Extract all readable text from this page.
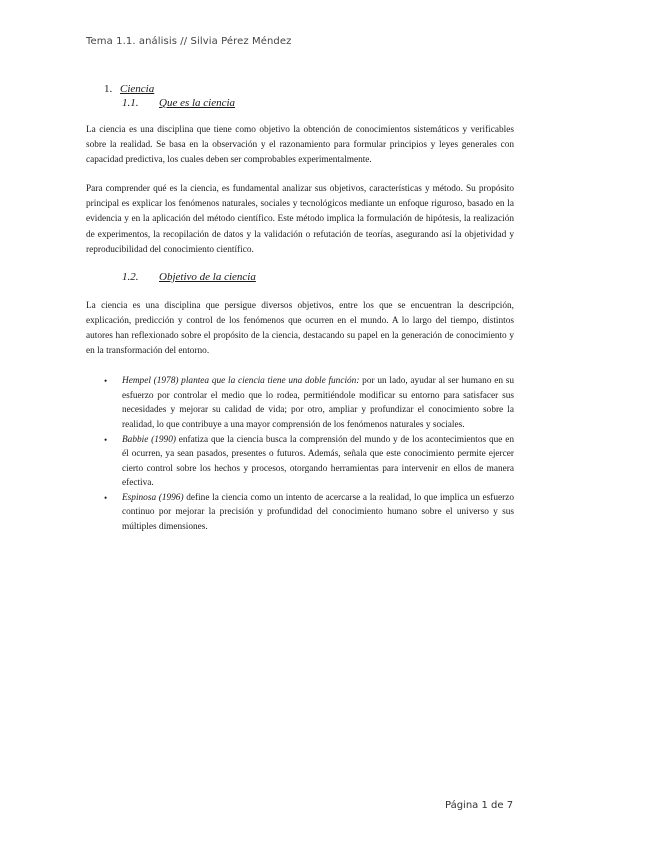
Tema 1.1. análisis // Silvia Pérez Méndez
1. Ciencia
1.1.	Que es la ciencia

La ciencia es una disciplina que tiene como objetivo la obtención de conocimientos sistemáticos y verificables sobre la realidad. Se basa en la observación y el razonamiento para formular principios y leyes generales con capacidad predictiva, los cuales deben ser comprobables experimentalmente.

Para comprender qué es la ciencia, es fundamental analizar sus objetivos, características y método. Su propósito principal es explicar los fenómenos naturales, sociales y tecnológicos mediante un enfoque riguroso, basado en la evidencia y en la aplicación del método científico. Este método implica la formulación de hipótesis, la realización de experimentos, la recopilación de datos y la validación o refutación de teorías, asegurando así la objetividad y reproducibilidad del conocimiento científico.

1.2.	Objetivo de la ciencia

La ciencia es una disciplina que persigue diversos objetivos, entre los que se encuentran la descripción, explicación, predicción y control de los fenómenos que ocurren en el mundo. A lo largo del tiempo, distintos autores han reflexionado sobre el propósito de la ciencia, destacando su papel en la generación de conocimiento y en la transformación del entorno.

• Hempel (1978) plantea que la ciencia tiene una doble función: por un lado, ayudar al ser humano en su esfuerzo por controlar el medio que lo rodea, permitiéndole modificar su entorno para satisfacer sus necesidades y mejorar su calidad de vida; por otro, ampliar y profundizar el conocimiento sobre la realidad, lo que contribuye a una mayor comprensión de los fenómenos naturales y sociales.
• Babbie (1990) enfatiza que la ciencia busca la comprensión del mundo y de los acontecimientos que en él ocurren, ya sean pasados, presentes o futuros. Además, señala que este conocimiento permite ejercer cierto control sobre los hechos y procesos, otorgando herramientas para intervenir en ellos de manera efectiva.
• Espinosa (1996) define la ciencia como un intento de acercarse a la realidad, lo que implica un esfuerzo continuo por mejorar la precisión y profundidad del conocimiento humano sobre el universo y sus múltiples dimensiones.
Página 1 de 7
